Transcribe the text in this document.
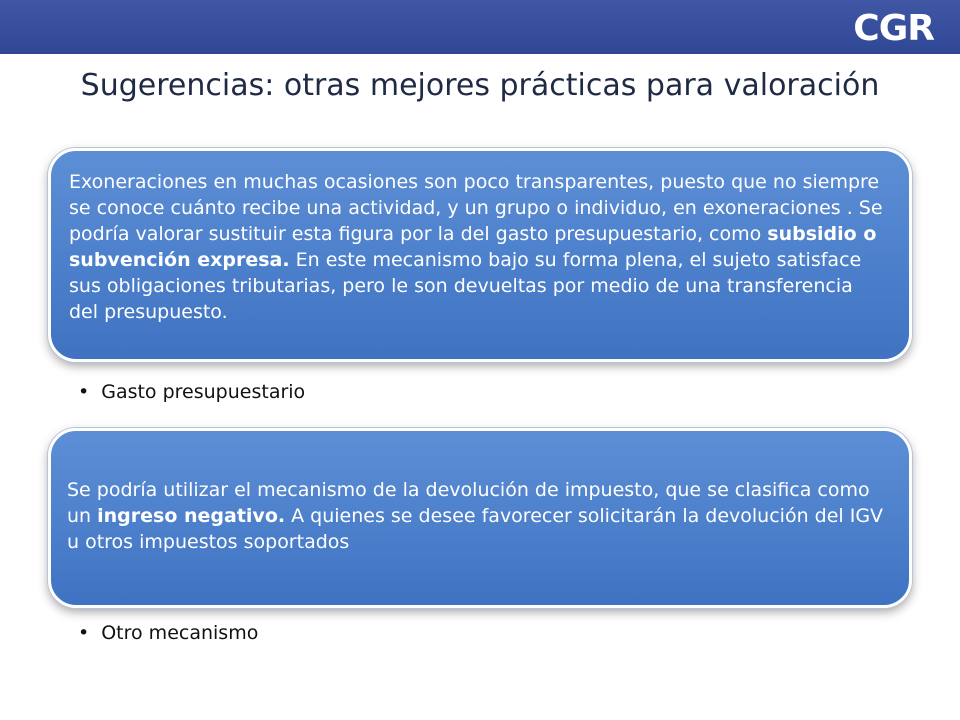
CGR
Sugerencias: otras mejores prácticas para valoración

Exoneraciones en muchas ocasiones son poco transparentes, puesto que no siempre se conoce cuánto recibe una actividad, y un grupo o individuo, en exoneraciones . Se podría valorar sustituir esta figura por la del gasto presupuestario, como subsidio o subvención expresa. En este mecanismo bajo su forma plena, el sujeto satisface sus obligaciones tributarias, pero le son devueltas por medio de una transferencia del presupuesto.

• Gasto presupuestario

Se podría utilizar el mecanismo de la devolución de impuesto, que se clasifica como un ingreso negativo. A quienes se desee favorecer solicitarán la devolución del IGV u otros impuestos soportados

• Otro mecanismo
